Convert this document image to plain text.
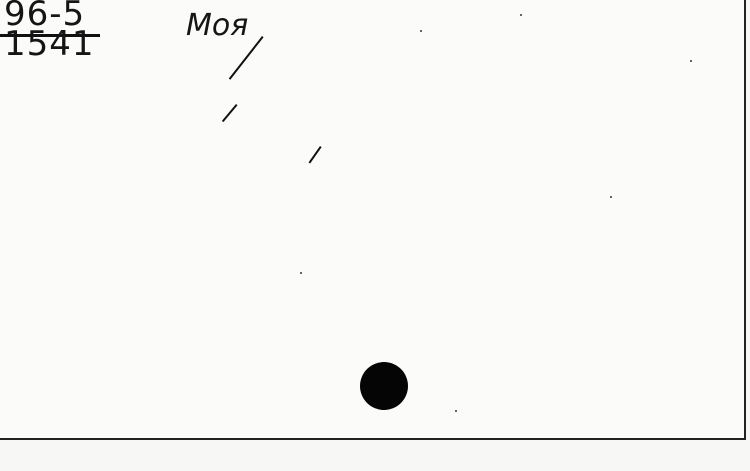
96-5
1541	Моя
